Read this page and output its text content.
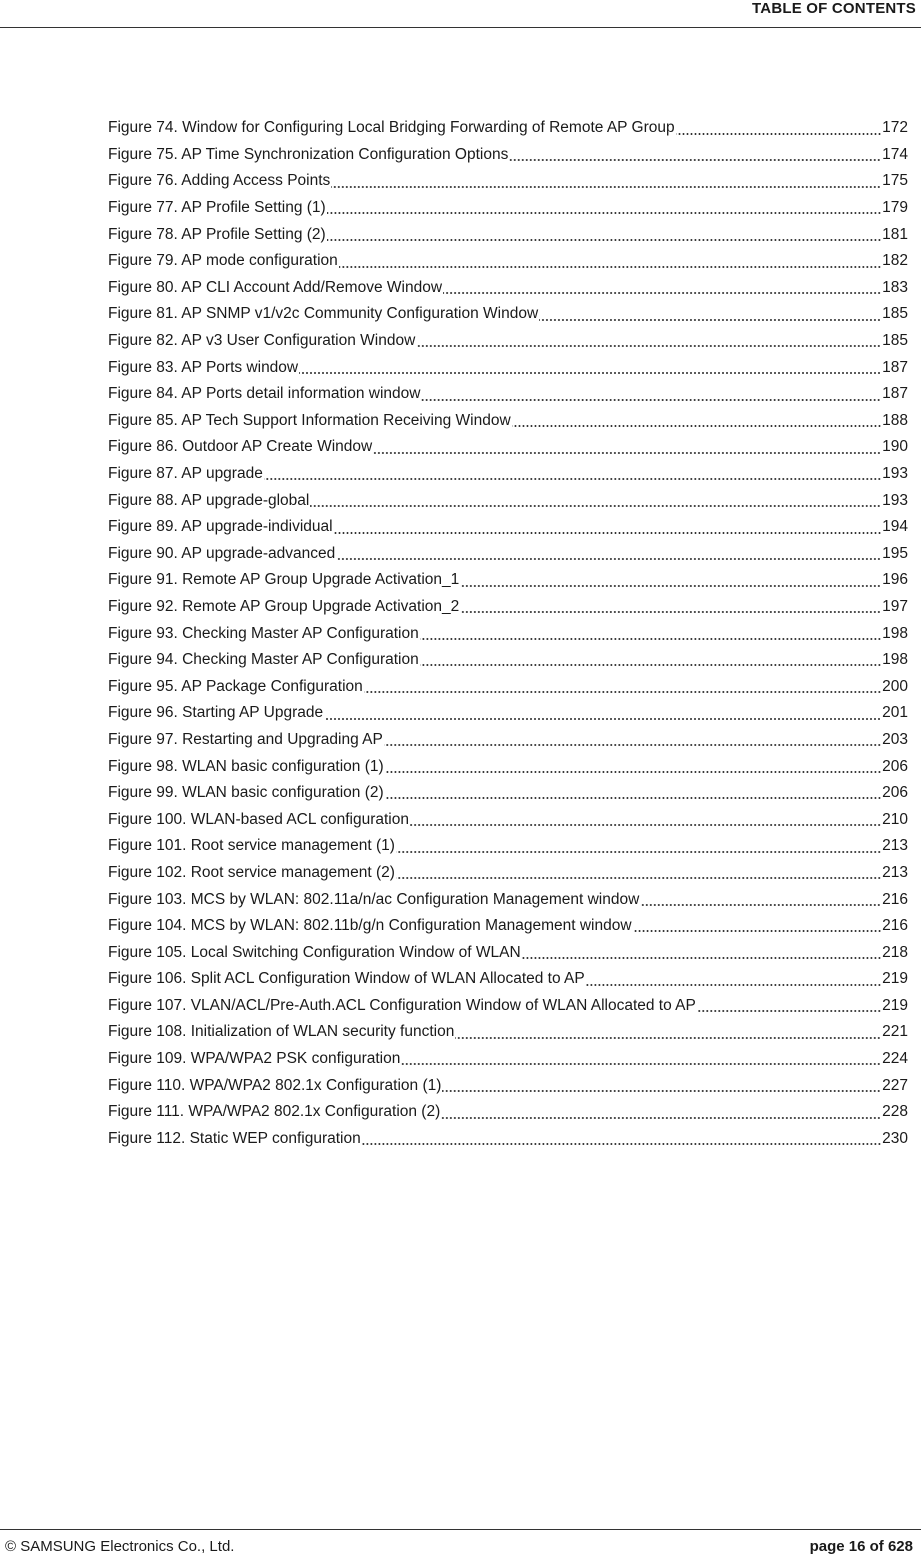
TABLE OF CONTENTS
Figure 74. Window for Configuring Local Bridging Forwarding of Remote AP Group	172
Figure 75. AP Time Synchronization Configuration Options	174
Figure 76. Adding Access Points	175
Figure 77. AP Profile Setting (1)	179
Figure 78. AP Profile Setting (2)	181
Figure 79. AP mode configuration	182
Figure 80. AP CLI Account Add/Remove Window	183
Figure 81. AP SNMP v1/v2c Community Configuration Window	185
Figure 82. AP v3 User Configuration Window	185
Figure 83. AP Ports window	187
Figure 84. AP Ports detail information window	187
Figure 85. AP Tech Support Information Receiving Window	188
Figure 86. Outdoor AP Create Window	190
Figure 87. AP upgrade	193
Figure 88. AP upgrade-global	193
Figure 89. AP upgrade-individual	194
Figure 90. AP upgrade-advanced	195
Figure 91. Remote AP Group Upgrade Activation_1	196
Figure 92. Remote AP Group Upgrade Activation_2	197
Figure 93. Checking Master AP Configuration	198
Figure 94. Checking Master AP Configuration	198
Figure 95. AP Package Configuration	200
Figure 96. Starting AP Upgrade	201
Figure 97. Restarting and Upgrading AP	203
Figure 98. WLAN basic configuration (1)	206
Figure 99. WLAN basic configuration (2)	206
Figure 100. WLAN-based ACL configuration	210
Figure 101. Root service management (1)	213
Figure 102. Root service management (2)	213
Figure 103. MCS by WLAN: 802.11a/n/ac Configuration Management window	216
Figure 104. MCS by WLAN: 802.11b/g/n Configuration Management window	216
Figure 105. Local Switching Configuration Window of WLAN	218
Figure 106. Split ACL Configuration Window of WLAN Allocated to AP	219
Figure 107. VLAN/ACL/Pre-Auth.ACL Configuration Window of WLAN Allocated to AP	219
Figure 108. Initialization of WLAN security function	221
Figure 109. WPA/WPA2 PSK configuration	224
Figure 110. WPA/WPA2 802.1x Configuration (1)	227
Figure 111. WPA/WPA2 802.1x Configuration (2)	228
Figure 112. Static WEP configuration	230
© SAMSUNG Electronics Co., Ltd.	page 16 of 628
